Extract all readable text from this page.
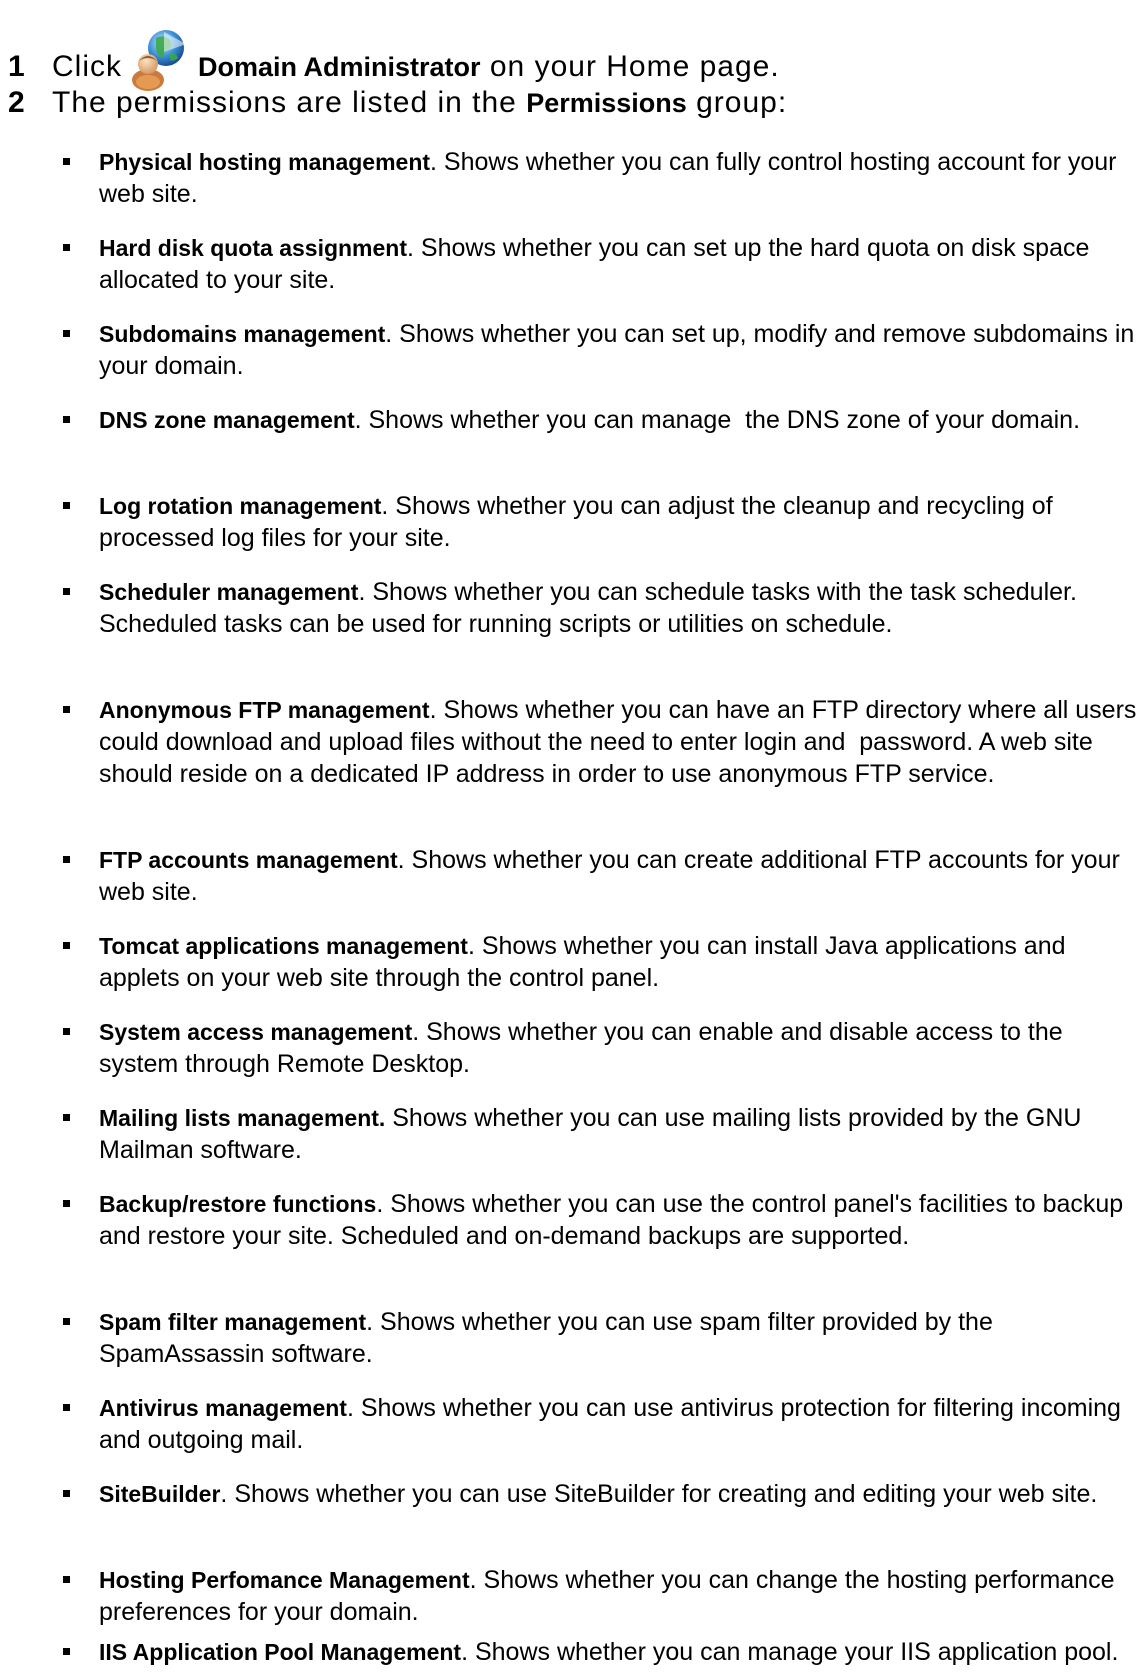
1 Click	Domain Administrator on your Home page.
2 The permissions are listed in the Permissions group:
Physical hosting management. Shows whether you can fully control hosting account for your web site.
Hard disk quota assignment. Shows whether you can set up the hard quota on disk space allocated to your site.
Subdomains management. Shows whether you can set up, modify and remove subdomains in your domain.
DNS zone management. Shows whether you can manage  the DNS zone of your domain.
Log rotation management. Shows whether you can adjust the cleanup and recycling of processed log files for your site.
Scheduler management. Shows whether you can schedule tasks with the task scheduler. Scheduled tasks can be used for running scripts or utilities on schedule.
Anonymous FTP management. Shows whether you can have an FTP directory where all users could download and upload files without the need to enter login and  password. A web site should reside on a dedicated IP address in order to use anonymous FTP service.
FTP accounts management. Shows whether you can create additional FTP accounts for your web site.
Tomcat applications management. Shows whether you can install Java applications and applets on your web site through the control panel.
System access management. Shows whether you can enable and disable access to the system through Remote Desktop.
Mailing lists management. Shows whether you can use mailing lists provided by the GNU Mailman software.
Backup/restore functions. Shows whether you can use the control panel's facilities to backup and restore your site. Scheduled and on-demand backups are supported.
Spam filter management. Shows whether you can use spam filter provided by the SpamAssassin software.
Antivirus management. Shows whether you can use antivirus protection for filtering incoming and outgoing mail.
SiteBuilder. Shows whether you can use SiteBuilder for creating and editing your web site.
Hosting Perfomance Management. Shows whether you can change the hosting performance preferences for your domain.
IIS Application Pool Management. Shows whether you can manage your IIS application pool.
